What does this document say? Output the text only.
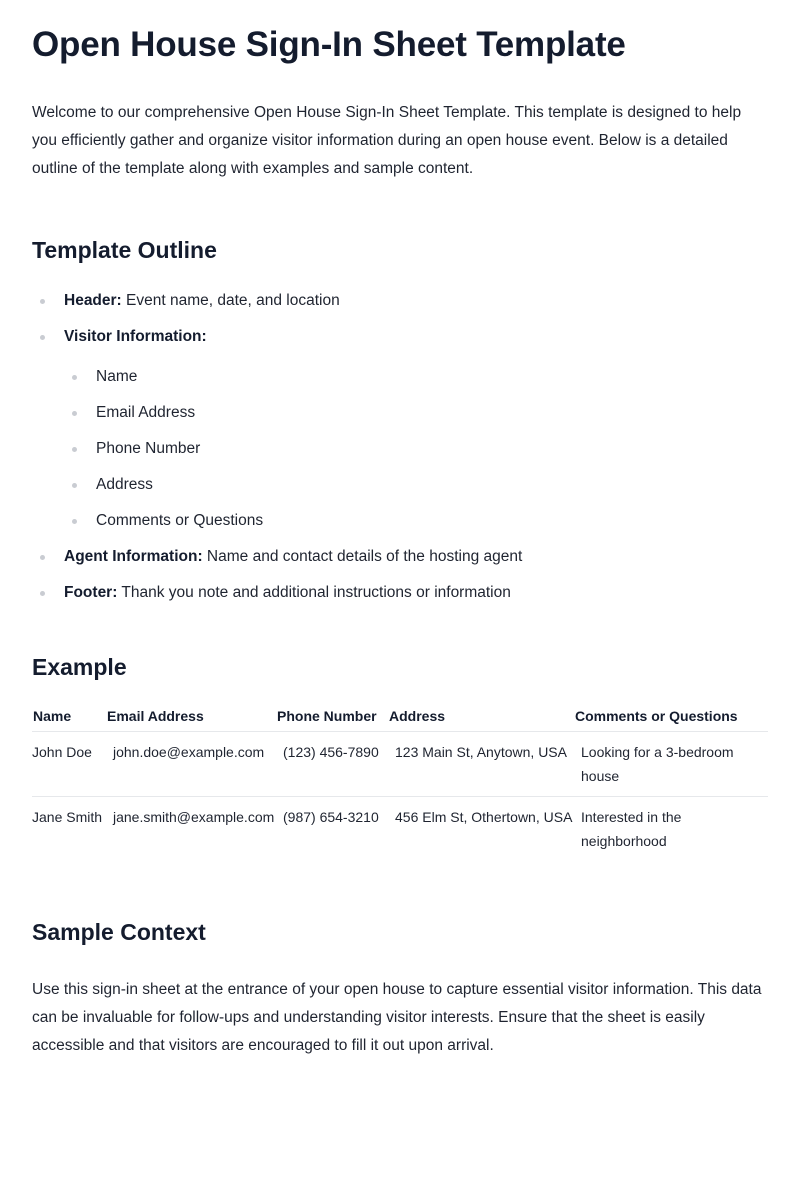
Open House Sign-In Sheet Template

Welcome to our comprehensive Open House Sign-In Sheet Template. This template is designed to help you efficiently gather and organize visitor information during an open house event. Below is a detailed outline of the template along with examples and sample content.

Template Outline
Header: Event name, date, and location
Visitor Information:
Name
Email Address
Phone Number
Address
Comments or Questions
Agent Information: Name and contact details of the hosting agent
Footer: Thank you note and additional instructions or information
Example
Name	Email Address	Phone Number	Address	Comments or Questions
John Doe	john.doe@example.com	(123) 456-7890	123 Main St, Anytown, USA	Looking for a 3-bedroom house
Jane Smith	jane.smith@example.com	(987) 654-3210	456 Elm St, Othertown, USA	Interested in the neighborhood
Sample Context

Use this sign-in sheet at the entrance of your open house to capture essential visitor information. This data can be invaluable for follow-ups and understanding visitor interests. Ensure that the sheet is easily accessible and that visitors are encouraged to fill it out upon arrival.
